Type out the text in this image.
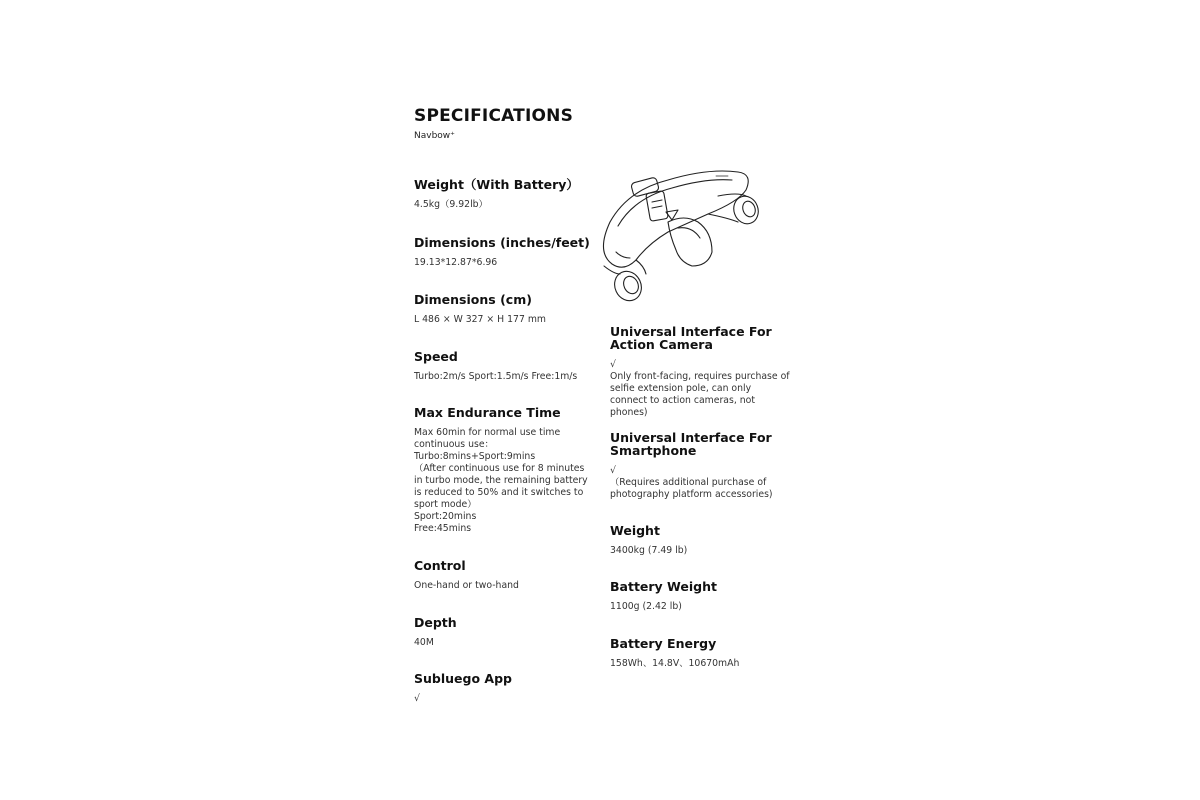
SPECIFICATIONS
Navbow⁺
Weight（With Battery）
4.5kg（9.92lb）
Dimensions (inches/feet)
19.13*12.87*6.96
Dimensions (cm)
L 486 × W 327 × H 177 mm
Speed
Turbo:2m/s Sport:1.5m/s Free:1m/s
Max Endurance Time
Max 60min for normal use time
continuous use：
Turbo:8mins+Sport:9mins
（After continuous use for 8 minutes in turbo mode, the remaining battery is reduced to 50% and it switches to sport mode）
Sport:20mins
Free:45mins
Control
One-hand or two-hand
Depth
40M
Subluego App
√
Universal Interface For Action Camera
√
Only front-facing, requires purchase of selfie extension pole, can only connect to action cameras, not phones)
Universal Interface For Smartphone
√
（Requires additional purchase of photography platform accessories)
Weight
3400kg (7.49 lb)
Battery Weight
1100g (2.42 lb)
Battery Energy
158Wh、14.8V、10670mAh
